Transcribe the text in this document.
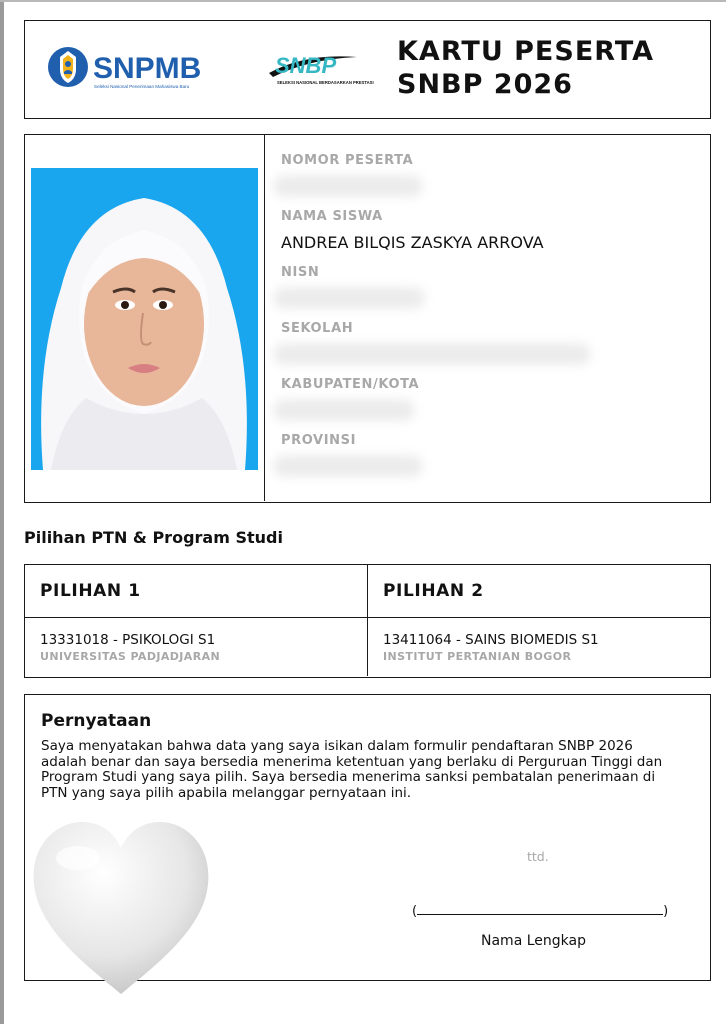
SNPMB
Seleksi Nasional Penerimaan Mahasiswa Baru
SNBP
SELEKSI NASIONAL BERDASARKAN PRESTASI
KARTU PESERTA
SNBP 2026
NOMOR PESERTA
NAMA SISWA
ANDREA BILQIS ZASKYA ARROVA
NISN
SEKOLAH
KABUPATEN/KOTA
PROVINSI
Pilihan PTN & Program Studi
PILIHAN 1
13331018 - PSIKOLOGI S1
UNIVERSITAS PADJADJARAN
PILIHAN 2
13411064 - SAINS BIOMEDIS S1
INSTITUT PERTANIAN BOGOR
Pernyataan
Saya menyatakan bahwa data yang saya isikan dalam formulir pendaftaran SNBP 2026 adalah benar dan saya bersedia menerima ketentuan yang berlaku di Perguruan Tinggi dan Program Studi yang saya pilih. Saya bersedia menerima sanksi pembatalan penerimaan di PTN yang saya pilih apabila melanggar pernyataan ini.
ttd.
(	)
Nama Lengkap
